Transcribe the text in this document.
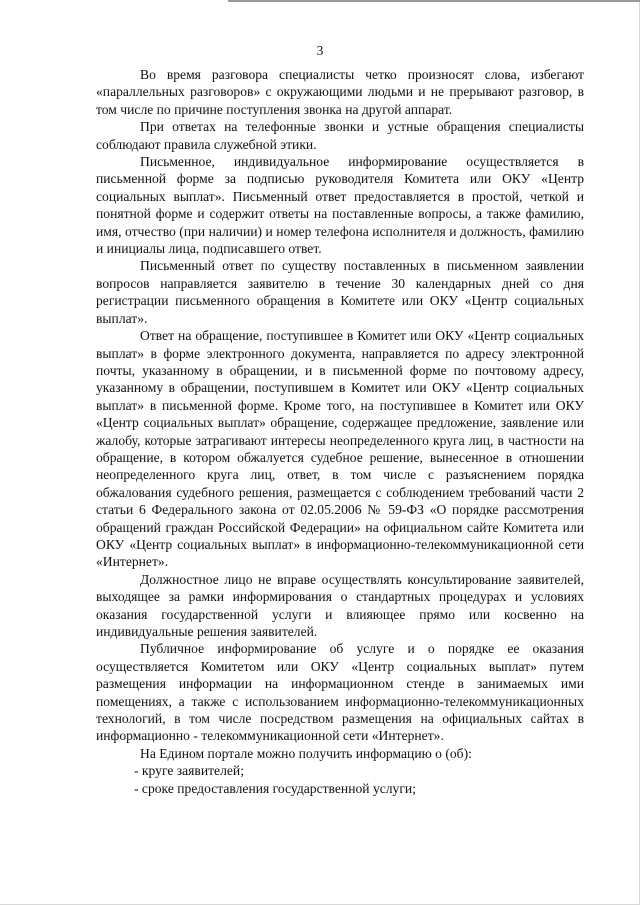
3

Во время разговора специалисты четко произносят слова, избегают «параллельных разговоров» с окружающими людьми и не прерывают разговор, в том числе по причине поступления звонка на другой аппарат.

При ответах на телефонные звонки и устные обращения специалисты соблюдают правила служебной этики.

Письменное, индивидуальное информирование осуществляется в письменной форме за подписью руководителя Комитета или ОКУ «Центр социальных выплат». Письменный ответ предоставляется в простой, четкой и понятной форме и содержит ответы на поставленные вопросы, а также фамилию, имя, отчество (при наличии) и номер телефона исполнителя и должность, фамилию и инициалы лица, подписавшего ответ.

Письменный ответ по существу поставленных в письменном заявлении вопросов направляется заявителю в течение 30 календарных дней со дня регистрации письменного обращения в Комитете или ОКУ «Центр социальных выплат».

Ответ на обращение, поступившее в Комитет или ОКУ «Центр социальных выплат» в форме электронного документа, направляется по адресу электронной почты, указанному в обращении, и в письменной форме по почтовому адресу, указанному в обращении, поступившем в Комитет или ОКУ «Центр социальных выплат» в письменной форме. Кроме того, на поступившее в Комитет или ОКУ «Центр социальных выплат» обращение, содержащее предложение, заявление или жалобу, которые затрагивают интересы неопределенного круга лиц, в частности на обращение, в котором обжалуется судебное решение, вынесенное в отношении неопределенного круга лиц, ответ, в том числе с разъяснением порядка обжалования судебного решения, размещается с соблюдением требований части 2 статьи 6 Федерального закона от 02.05.2006 № 59-ФЗ «О порядке рассмотрения обращений граждан Российской Федерации» на официальном сайте Комитета или ОКУ «Центр социальных выплат» в информационно-телекоммуникационной сети «Интернет».

Должностное лицо не вправе осуществлять консультирование заявителей, выходящее за рамки информирования о стандартных процедурах и условиях оказания государственной услуги и влияющее прямо или косвенно на индивидуальные решения заявителей.

Публичное информирование об услуге и о порядке ее оказания осуществляется Комитетом или ОКУ «Центр социальных выплат» путем размещения информации на информационном стенде в занимаемых ими помещениях, а также с использованием информационно-телекоммуникационных технологий, в том числе посредством размещения на официальных сайтах в информационно - телекоммуникационной сети «Интернет».

На Едином портале можно получить информацию о (об):

- круге заявителей;

- сроке предоставления государственной услуги;
